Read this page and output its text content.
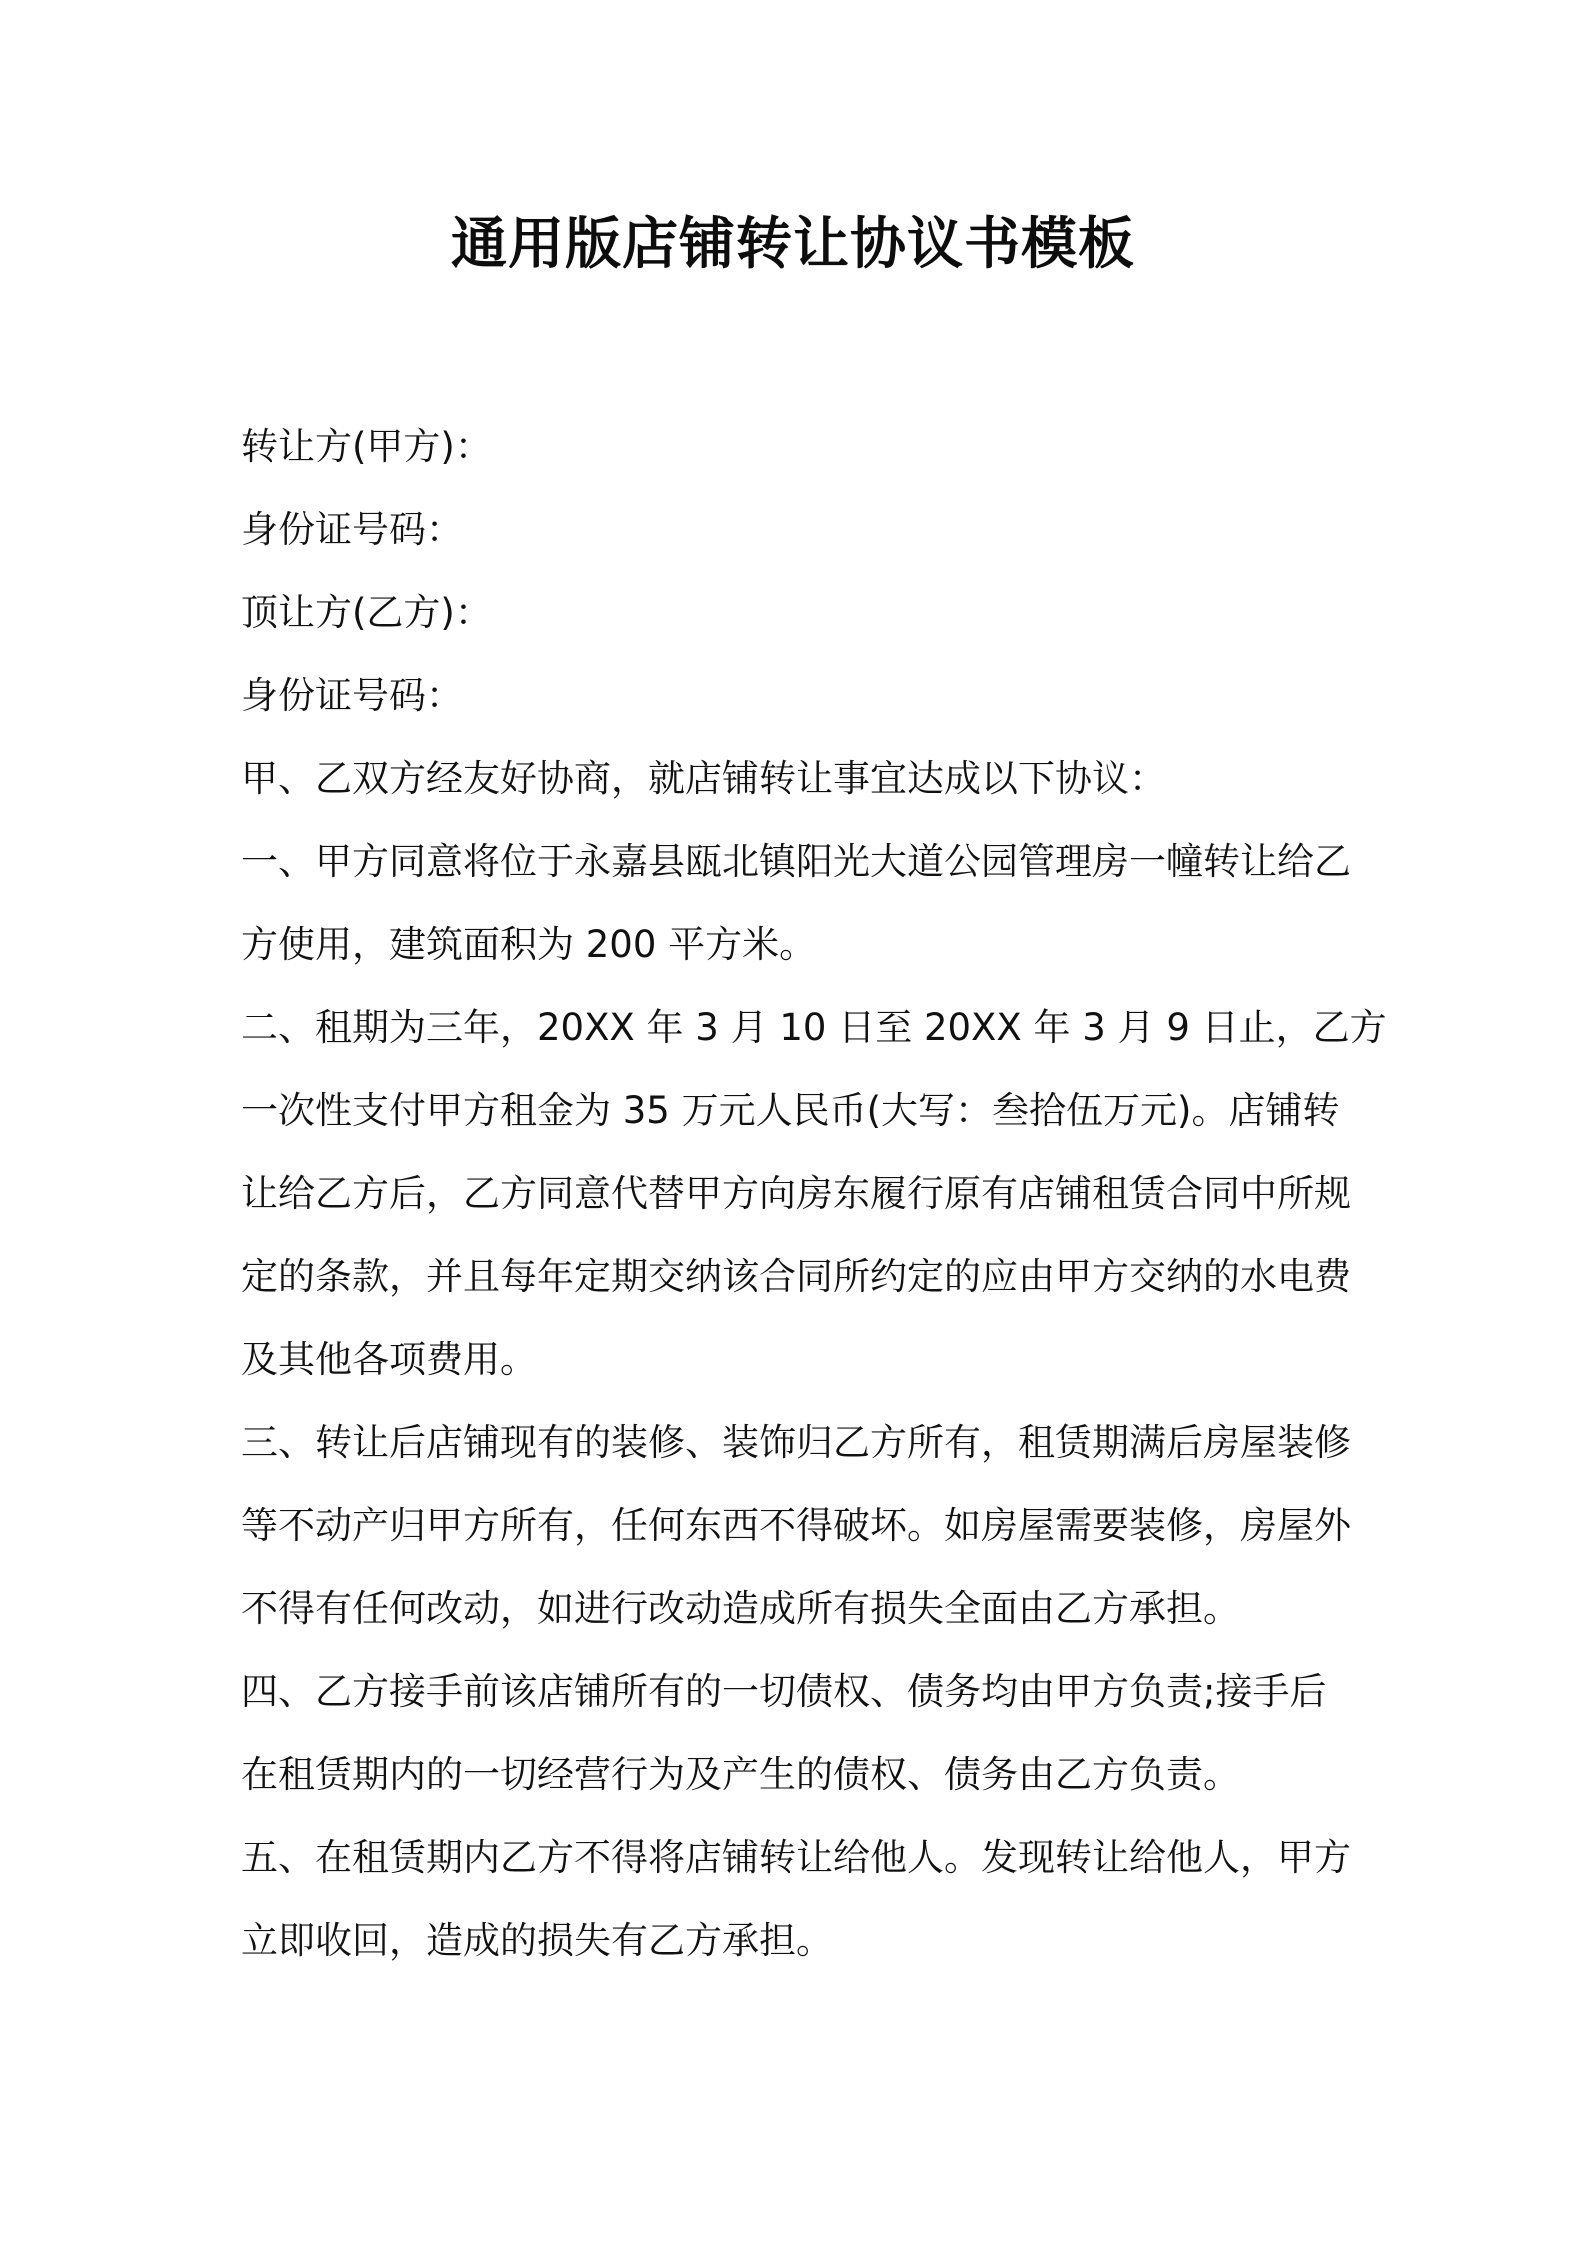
通用版店铺转让协议书模板
转让方(甲方)：
身份证号码：
顶让方(乙方)：
身份证号码：
甲、乙双方经友好协商，就店铺转让事宜达成以下协议：
一、甲方同意将位于永嘉县瓯北镇阳光大道公园管理房一幢转让给乙
方使用，建筑面积为 200 平方米。
二、租期为三年，20XX 年 3 月 10 日至 20XX 年 3 月 9 日止，乙方
一次性支付甲方租金为 35 万元人民币(大写：叁拾伍万元)。店铺转
让给乙方后，乙方同意代替甲方向房东履行原有店铺租赁合同中所规
定的条款，并且每年定期交纳该合同所约定的应由甲方交纳的水电费
及其他各项费用。
三、转让后店铺现有的装修、装饰归乙方所有，租赁期满后房屋装修
等不动产归甲方所有，任何东西不得破坏。如房屋需要装修，房屋外
不得有任何改动，如进行改动造成所有损失全面由乙方承担。
四、乙方接手前该店铺所有的一切债权、债务均由甲方负责;接手后
在租赁期内的一切经营行为及产生的债权、债务由乙方负责。
五、在租赁期内乙方不得将店铺转让给他人。发现转让给他人，甲方
立即收回，造成的损失有乙方承担。
